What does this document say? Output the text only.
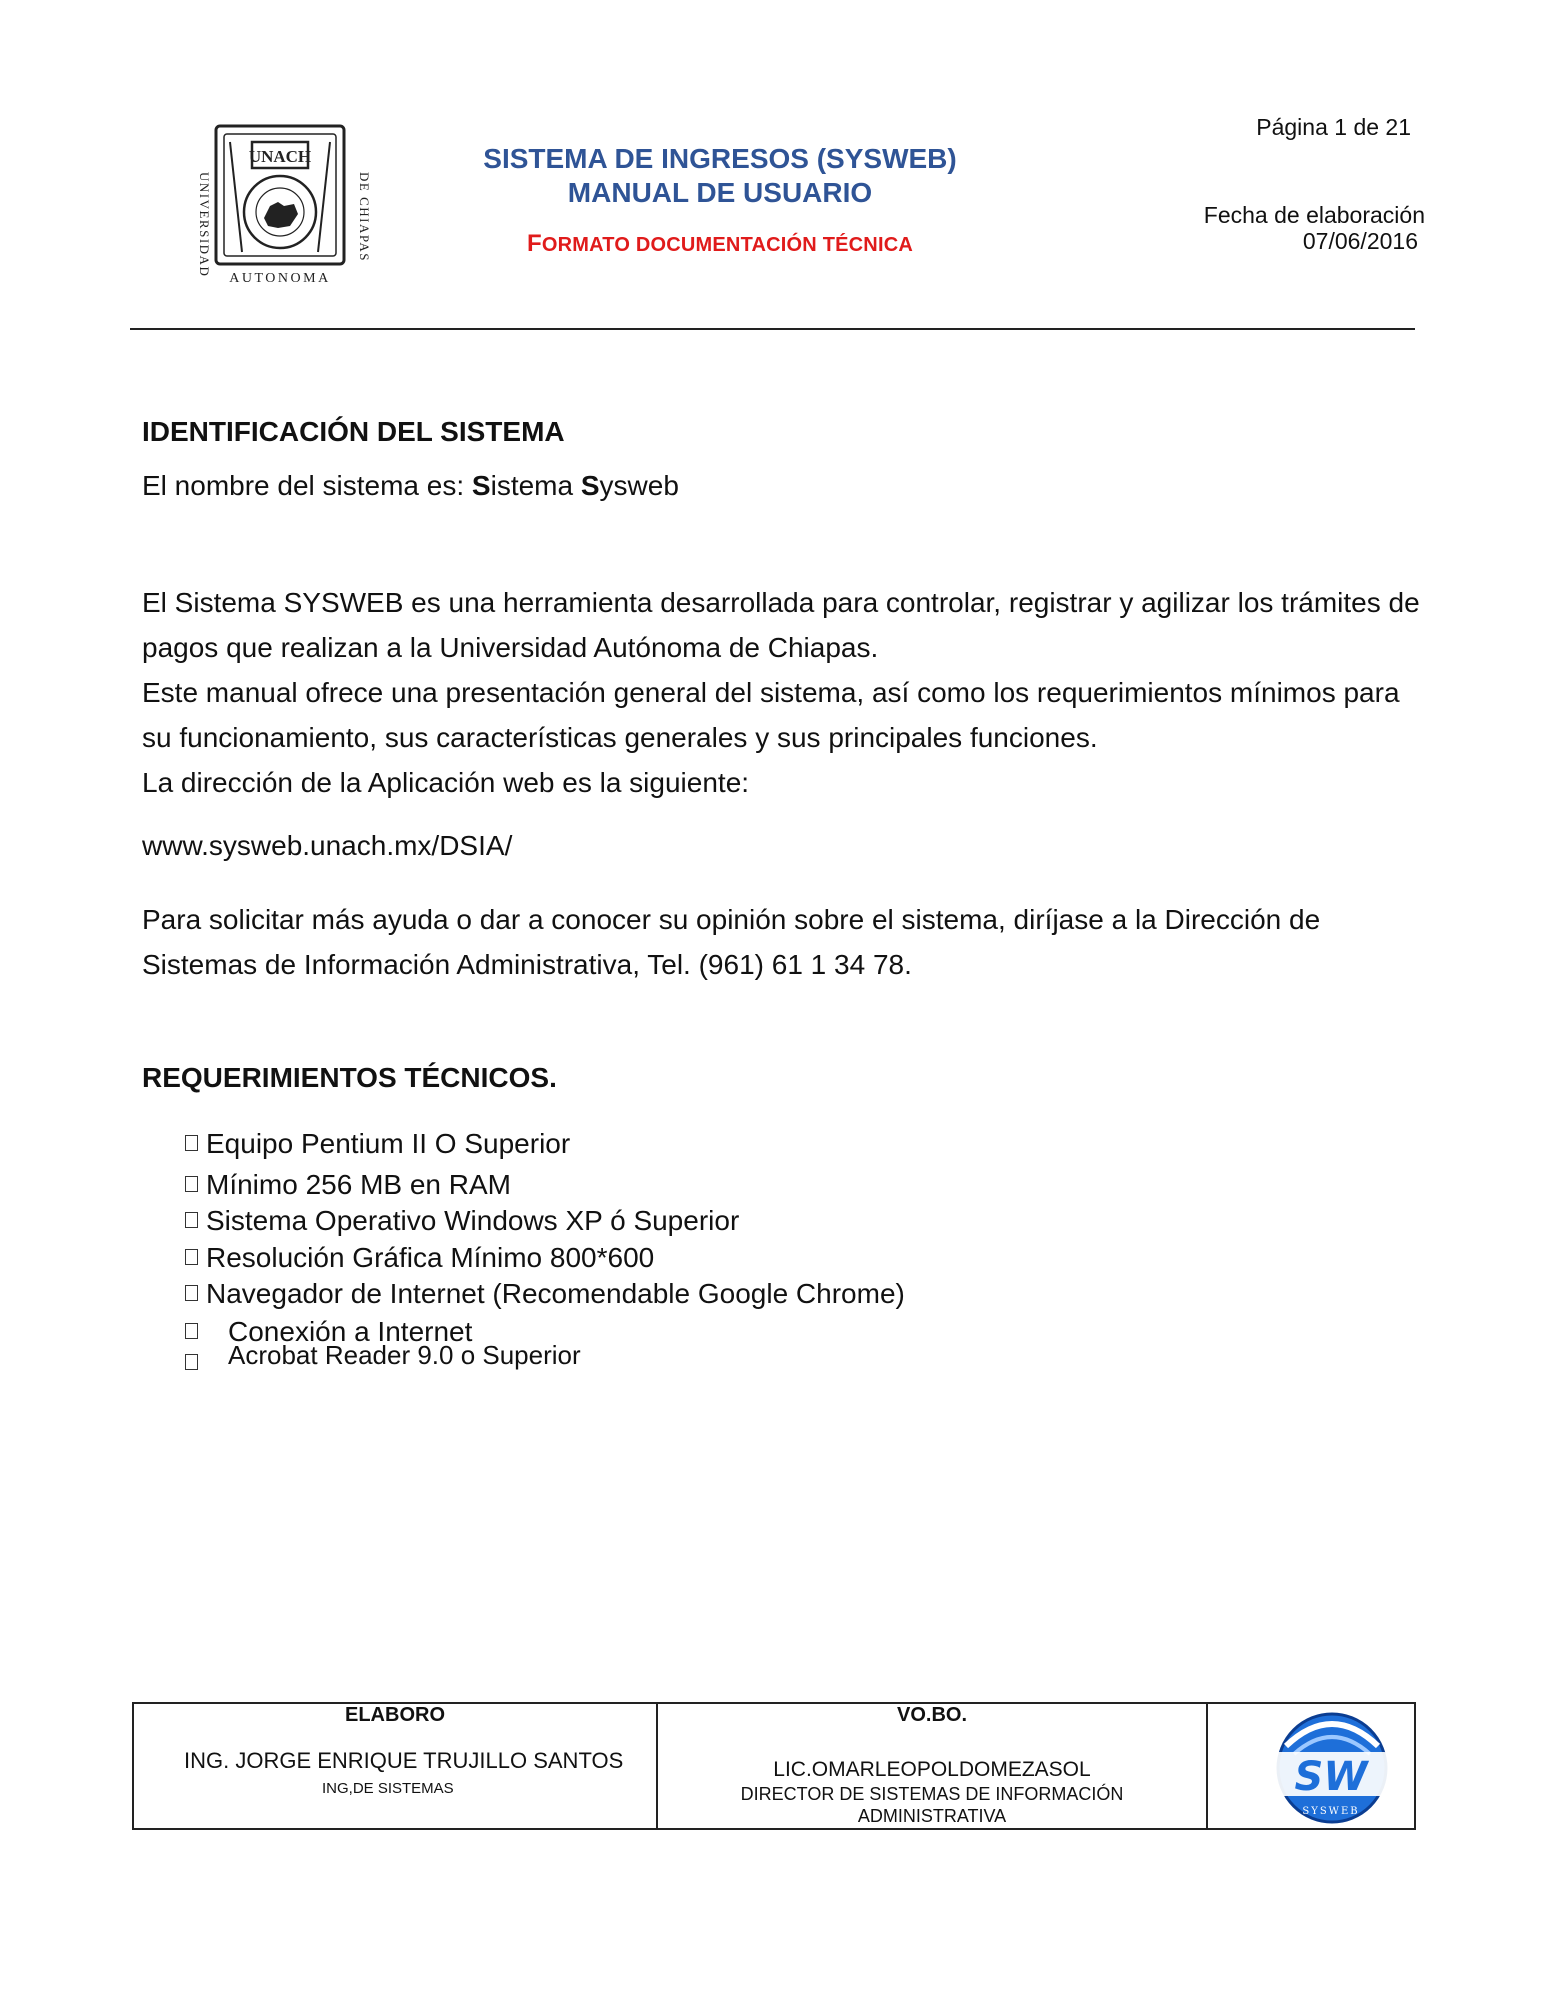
UNIVERSIDAD	DE CHIAPAS
UNACH
AUTONOMA
SISTEMA DE INGRESOS (SYSWEB)
MANUAL DE USUARIO
FORMATO DOCUMENTACIÓN TÉCNICA
Página 1 de 21
Fecha de elaboración
07/06/2016
IDENTIFICACIÓN DEL SISTEMA
El nombre del sistema es: Sistema Sysweb
El Sistema SYSWEB es una herramienta desarrollada para controlar, registrar y agilizar los trámites de pagos que realizan a la Universidad Autónoma de Chiapas.
Este manual ofrece una presentación general del sistema, así como los requerimientos mínimos para su funcionamiento, sus características generales y sus principales funciones.
La dirección de la Aplicación web es la siguiente:
www.sysweb.unach.mx/DSIA/
Para solicitar más ayuda o dar a conocer su opinión sobre el sistema, diríjase a la Dirección de Sistemas de Información Administrativa, Tel. (961) 61 1 34 78.
REQUERIMIENTOS TÉCNICOS.
Equipo Pentium II O Superior
Mínimo 256 MB en RAM
Sistema Operativo Windows XP ó Superior
Resolución Gráfica Mínimo 800*600
Navegador de Internet (Recomendable Google Chrome)
Conexión a Internet
Acrobat Reader 9.0 o Superior
ELABORO
ING. JORGE ENRIQUE TRUJILLO SANTOS
ING,DE SISTEMAS
VO.BO.
LIC.OMARLEOPOLDOMEZASOL
DIRECTOR DE SISTEMAS DE INFORMACIÓN
ADMINISTRATIVA
SW
SYSWEB
